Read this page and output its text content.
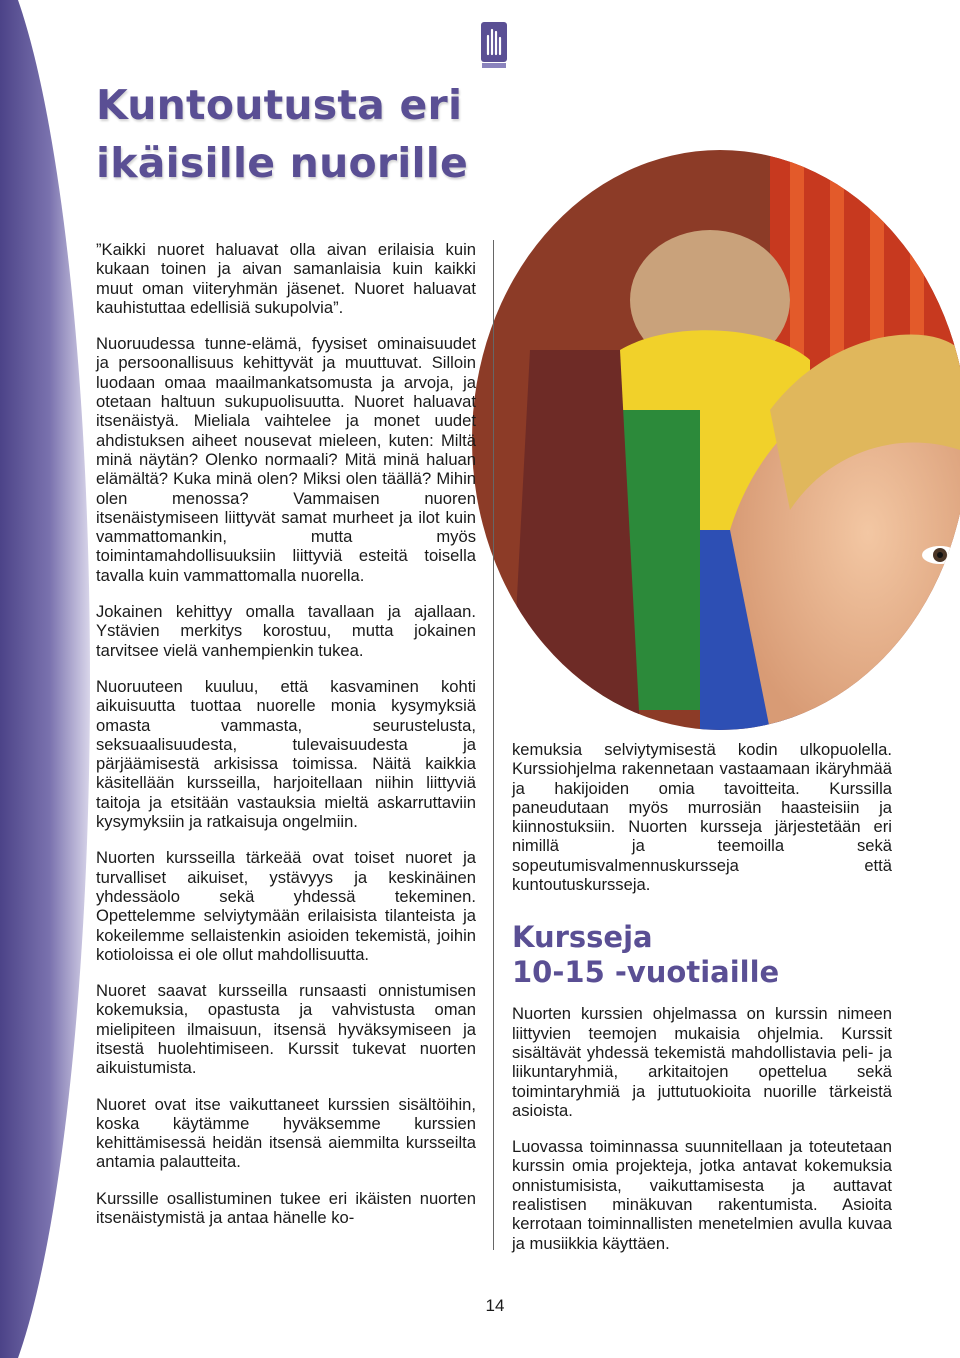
Kuntoutusta eri
ikäisille nuorille

”Kaikki nuoret haluavat olla aivan erilaisia kuin kukaan toinen ja aivan samanlaisia kuin kaikki muut oman viiteryhmän jäsenet. Nuoret haluavat kauhistuttaa edellisiä sukupolvia”.

Nuoruudessa tunne-elämä, fyysiset ominaisuudet ja persoonallisuus kehittyvät ja muuttuvat. Silloin luodaan omaa maailmankatsomusta ja arvoja, ja otetaan haltuun sukupuolisuutta. Nuoret haluavat itsenäistyä. Mieliala vaihtelee ja monet uudet ahdistuksen aiheet nousevat mieleen, kuten: Miltä minä näytän? Olenko normaali? Mitä minä haluan elämältä? Kuka minä olen? Miksi olen täällä? Mihin olen menossa? Vammaisen nuoren itsenäistymiseen liittyvät samat murheet ja ilot kuin vammattomankin, mutta myös toimintamahdollisuuksiin liittyviä esteitä toisella tavalla kuin vammattomalla nuorella.

Jokainen kehittyy omalla tavallaan ja ajallaan. Ystävien merkitys korostuu, mutta jokainen tarvitsee vielä vanhempienkin tukea.

Nuoruuteen kuuluu, että kasvaminen kohti aikuisuutta tuottaa nuorelle monia kysymyksiä omasta vammasta, seurustelusta, seksuaalisuudesta, tulevaisuudesta ja pärjäämisestä arkisissa toimissa. Näitä kaikkia käsitellään kursseilla, harjoitellaan niihin liittyviä taitoja ja etsitään vastauksia mieltä askarruttaviin kysymyksiin ja ratkaisuja ongelmiin.

Nuorten kursseilla tärkeää ovat toiset nuoret ja turvalliset aikuiset, ystävyys ja keskinäinen yhdessäolo sekä yhdessä tekeminen. Opettelemme selviytymään erilaisista tilanteista ja kokeilemme sellaistenkin asioiden tekemistä, joihin kotioloissa ei ole ollut mahdollisuutta.

Nuoret saavat kursseilla runsaasti onnistumisen kokemuksia, opastusta ja vahvistusta oman mielipiteen ilmaisuun, itsensä hyväksymiseen ja itsestä huolehtimiseen. Kurssit tukevat nuorten aikuistumista.

Nuoret ovat itse vaikuttaneet kurssien sisältöihin, koska käytämme hyväksemme kurssien kehittämisessä heidän itsensä aiemmilta kursseilta antamia palautteita.

Kurssille osallistuminen tukee eri ikäisten nuorten itsenäistymistä ja antaa hänelle ko-

kemuksia selviytymisestä kodin ulkopuolella. Kurssiohjelma rakennetaan vastaamaan ikäryhmää ja hakijoiden omia tavoitteita. Kurssilla paneudutaan myös murrosiän haasteisiin ja kiinnostuksiin. Nuorten kursseja järjestetään eri nimillä ja teemoilla sekä sopeutumisvalmennuskursseja että kuntoutuskursseja.

Kursseja
10-15 -vuotiaille

Nuorten kurssien ohjelmassa on kurssin nimeen liittyvien teemojen mukaisia ohjelmia. Kurssit sisältävät yhdessä tekemistä mahdollistavia peli- ja liikuntaryhmiä, arkitaitojen opettelua sekä toimintaryhmiä ja juttutuokioita nuorille tärkeistä asioista.

Luovassa toiminnassa suunnitellaan ja toteutetaan kurssin omia projekteja, jotka antavat kokemuksia onnistumisista, vaikuttamisesta ja auttavat realistisen minäkuvan rakentumista. Asioita kerrotaan toiminnallisten menetelmien avulla kuvaa ja musiikkia käyttäen.

14
